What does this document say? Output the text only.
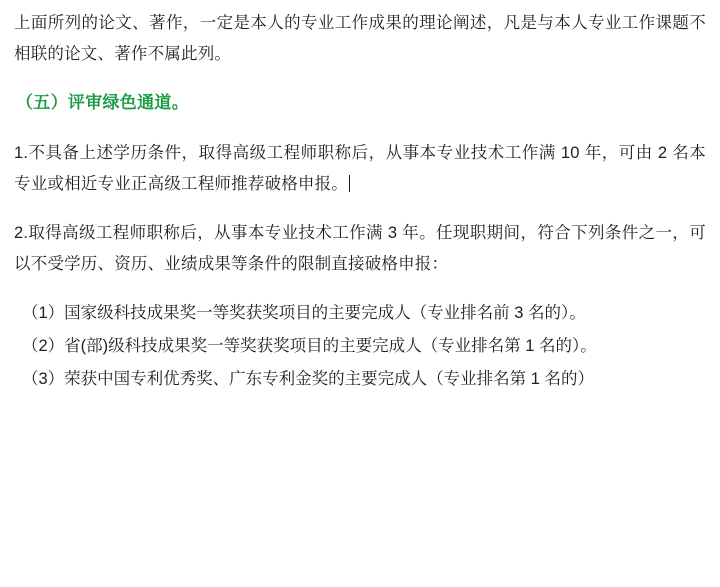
上面所列的论文、著作，一定是本人的专业工作成果的理论阐述，凡是与本人专业工作课题不相联的论文、著作不属此列。

（五）评审绿色通道。

1.不具备上述学历条件，取得高级工程师职称后，从事本专业技术工作满 10 年，可由 2 名本专业或相近专业正高级工程师推荐破格申报。

2.取得高级工程师职称后，从事本专业技术工作满 3 年。任现职期间，符合下列条件之一，可以不受学历、资历、业绩成果等条件的限制直接破格申报：

（1）国家级科技成果奖一等奖获奖项目的主要完成人（专业排名前 3 名的）。

（2）省(部)级科技成果奖一等奖获奖项目的主要完成人（专业排名第 1 名的）。

（3）荣获中国专利优秀奖、广东专利金奖的主要完成人（专业排名第 1 名的）
